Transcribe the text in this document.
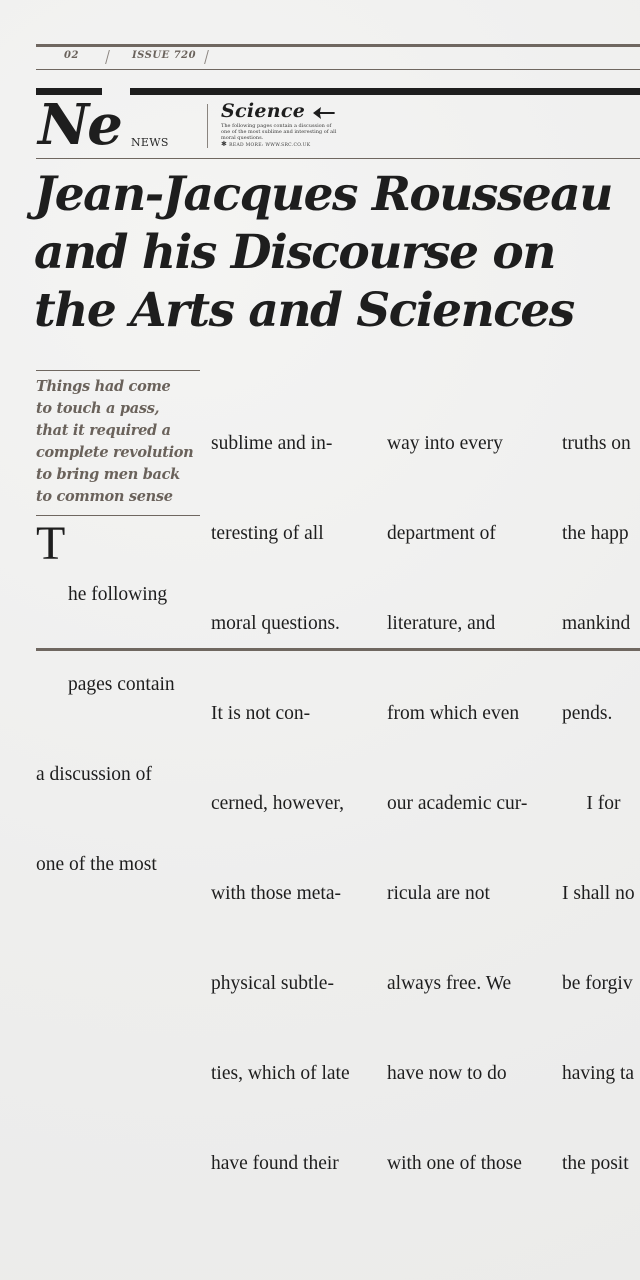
02	ISSUE 720
Ne NEWS
Science
The following pages contain a discussion of one of the most sublime and interesting of all moral questions.
✱ READ MORE: WWW.SRC.CO.UK
Jean-Jacques Rousseau
and his Discourse on
the Arts and Sciences
Things had come
to touch a pass,
that it required a
complete revolution
to bring men back
to common sense
T

he following

pages contain

a discussion of

one of the most

sublime and in-

teresting of all

moral questions.

It is not con-

cerned, however,

with those meta-

physical subtle-

ties, which of late

have found their

way into every

department of

literature, and

from which even

our academic cur-

ricula are not

always free. We

have now to do

with one of those

truths on

the happ

mankind

pends.

I for

I shall no

be forgiv

having ta

the posit
